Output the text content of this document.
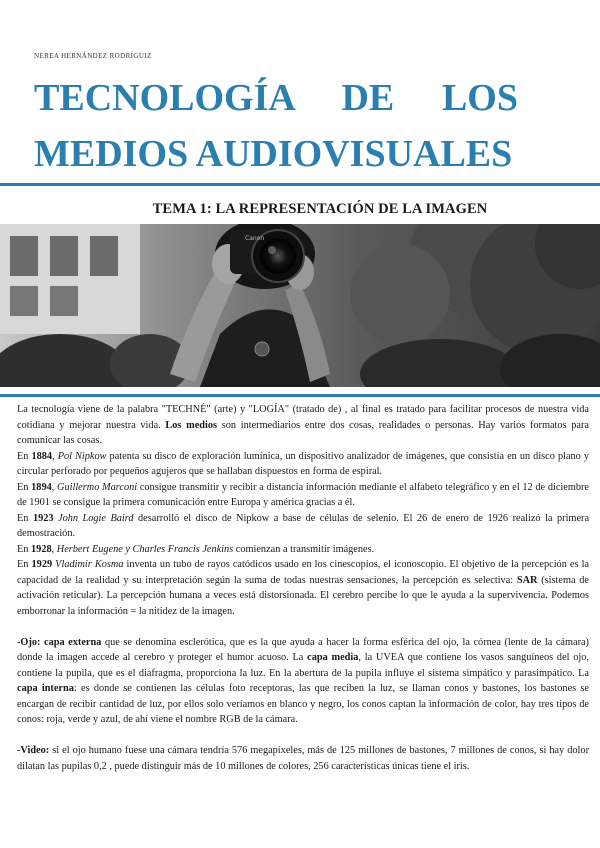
NEREA HERNÁNDEZ RODRÍGUIZ
TECNOLOGÍA DE LOS
MEDIOS AUDIOVISUALES
TEMA 1: LA REPRESENTACIÓN DE LA IMAGEN
Canon

La tecnología viene de la palabra "TECHNÉ" (arte) y "LOGÍA" (tratado de) , al final es tratado para facilitar procesos de nuestra vida cotidiana y mejorar nuestra vida. Los medios son intermediarios entre dos cosas, realidades o personas. Hay varios formatos para comunicar las cosas.

En 1884, Pol Nipkow patenta su disco de exploración lumínica, un dispositivo analizador de imágenes, que consistía en un disco plano y circular perforado por pequeños agujeros que se hallaban dispuestos en forma de espiral.

En 1894, Guillermo Marconi consigue transmitir y recibir a distancia información mediante el alfabeto telegráfico y en el 12 de diciembre de 1901 se consigue la primera comunicación entre Europa y américa gracias a él.

En 1923 John Logie Baird desarrolló el disco de Nipkow a base de células de selenio. El 26 de enero de 1926 realizó la primera demostración.

En 1928, Herbert Eugene y Charles Francis Jenkins comienzan a transmitir imágenes.

En 1929 Vladimir Kosma inventa un tubo de rayos catódicos usado en los cinescopios, el iconoscopio. El objetivo de la percepción es la capacidad de la realidad y su interpretación según la suma de todas nuestras sensaciones, la percepción es selectiva: SAR (sistema de activación reticular). La percepción humana a veces está distorsionada. El cerebro percibe lo que le ayuda a la supervivencia. Podemos emborronar la información = la nitidez de la imagen.

-Ojo: capa externa que se denomina esclerótica, que es la que ayuda a hacer la forma esférica del ojo, la córnea (lente de la cámara) donde la imagen accede al cerebro y proteger el humor acuoso. La capa media, la UVEA que contiene los vasos sanguíneos del ojo, contiene la pupila, que es el diafragma, proporciona la luz. En la abertura de la pupila influye el sistema simpático y parasimpático. La capa interna: es donde se contienen las células foto receptoras, las que reciben la luz, se llaman conos y bastones, los bastones se encargan de recibir cantidad de luz, por ellos solo veríamos en blanco y negro, los conos captan la información de color, hay tres tipos de conos: roja, verde y azul, de ahí viene el nombre RGB de la cámara.

-Video: si el ojo humano fuese una cámara tendría 576 megapíxeles, más de 125 millones de bastones, 7 millones de conos, si hay dolor dilatan las pupilas 0,2 , puede distinguir más de 10 millones de colores, 256 características únicas tiene el iris.
